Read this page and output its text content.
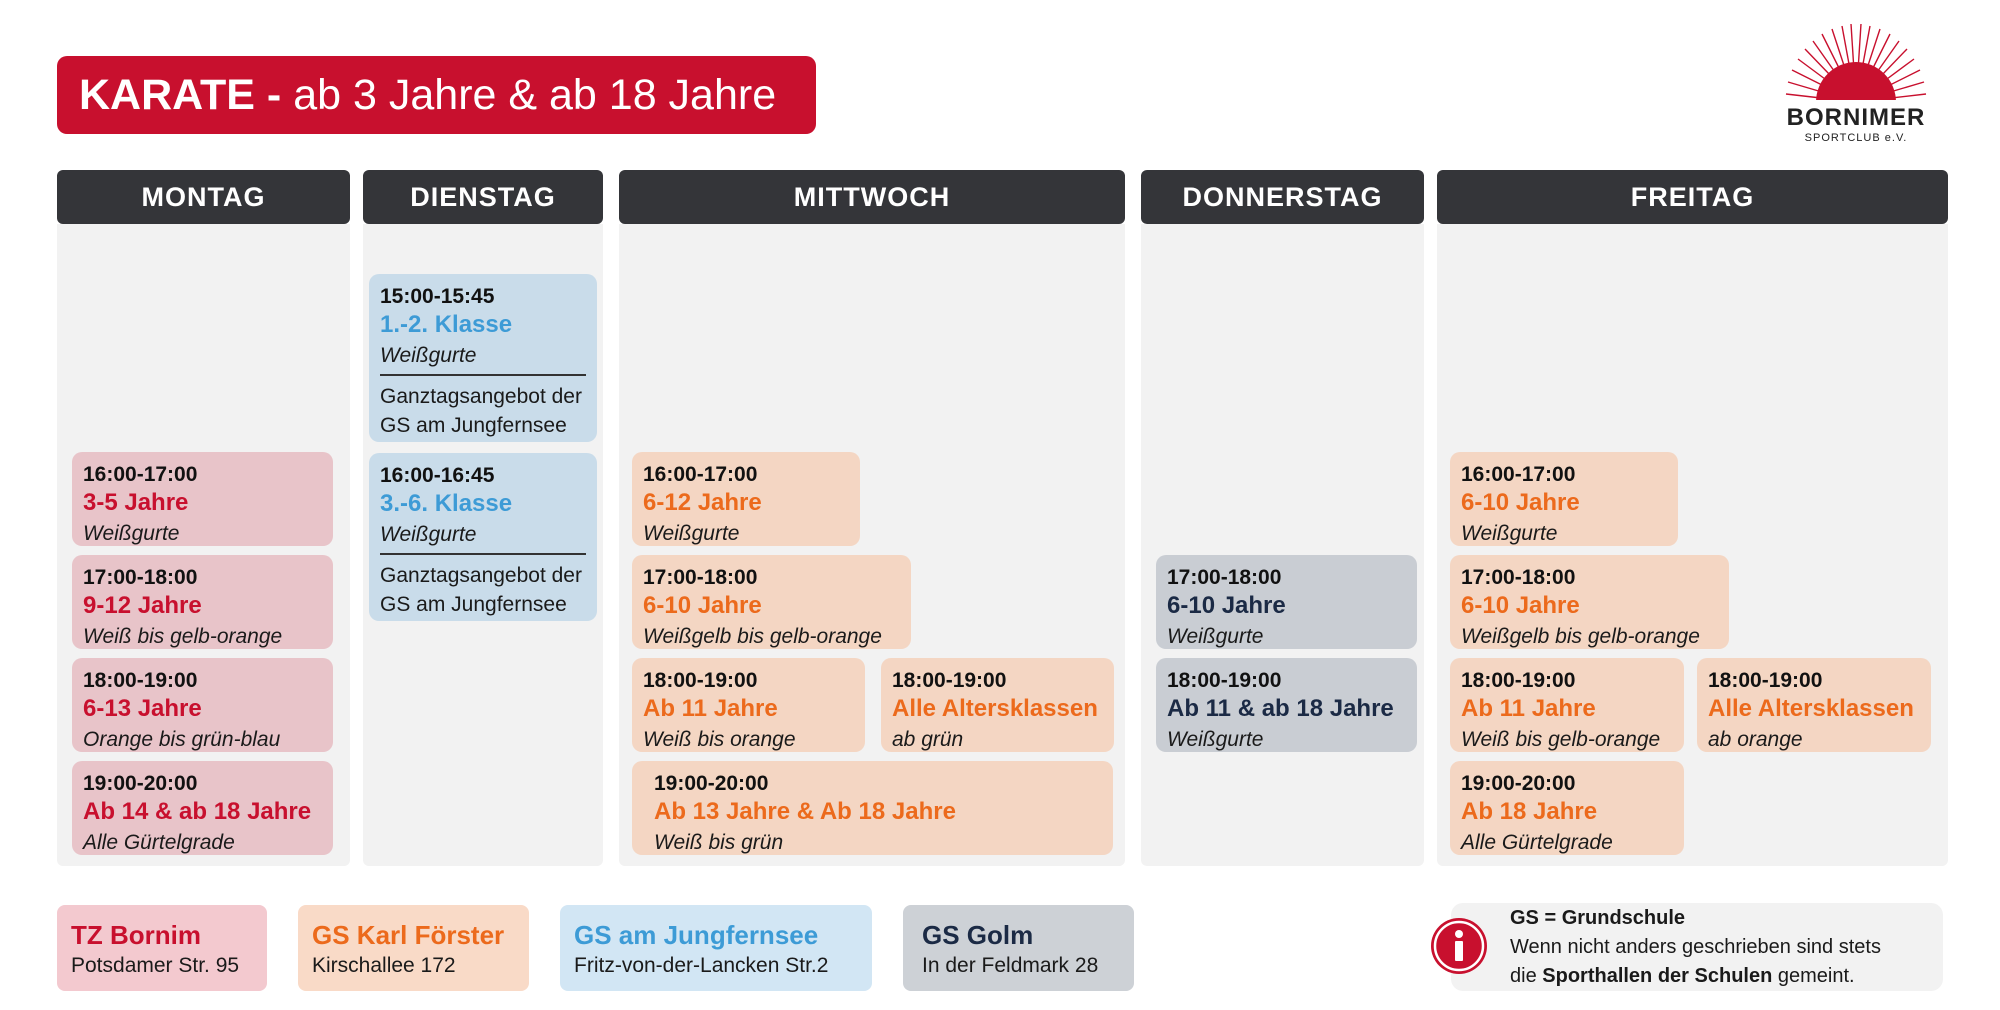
KARATE - ab 3 Jahre & ab 18 Jahre	BORNIMER
SPORTCLUB e.V.
MONTAG
16:00-17:00
3-5 Jahre
Weißgurte
17:00-18:00
9-12 Jahre
Weiß bis gelb-orange
18:00-19:00
6-13 Jahre
Orange bis grün-blau
19:00-20:00
Ab 14 & ab 18 Jahre
Alle Gürtelgrade
DIENSTAG
15:00-15:45
1.-2. Klasse
Weißgurte
Ganztagsangebot der
GS am Jungfernsee
16:00-16:45
3.-6. Klasse
Weißgurte
Ganztagsangebot der
GS am Jungfernsee
MITTWOCH
16:00-17:00
6-12 Jahre
Weißgurte
17:00-18:00
6-10 Jahre
Weißgelb bis gelb-orange
18:00-19:00
Ab 11 Jahre
Weiß bis orange
18:00-19:00
Alle Altersklassen
ab grün
19:00-20:00
Ab 13 Jahre & Ab 18 Jahre
Weiß bis grün
DONNERSTAG
17:00-18:00
6-10 Jahre
Weißgurte
18:00-19:00
Ab 11 & ab 18 Jahre
Weißgurte
FREITAG
16:00-17:00
6-10 Jahre
Weißgurte
17:00-18:00
6-10 Jahre
Weißgelb bis gelb-orange
18:00-19:00
Ab 11 Jahre
Weiß bis gelb-orange
18:00-19:00
Alle Altersklassen
ab orange
19:00-20:00
Ab 18 Jahre
Alle Gürtelgrade
TZ Bornim
Potsdamer Str. 95
GS Karl Förster
Kirschallee 172
GS am Jungfernsee
Fritz-von-der-Lancken Str.2
GS Golm
In der Feldmark 28
GS = Grundschule
Wenn nicht anders geschrieben sind stets
die Sporthallen der Schulen gemeint.
